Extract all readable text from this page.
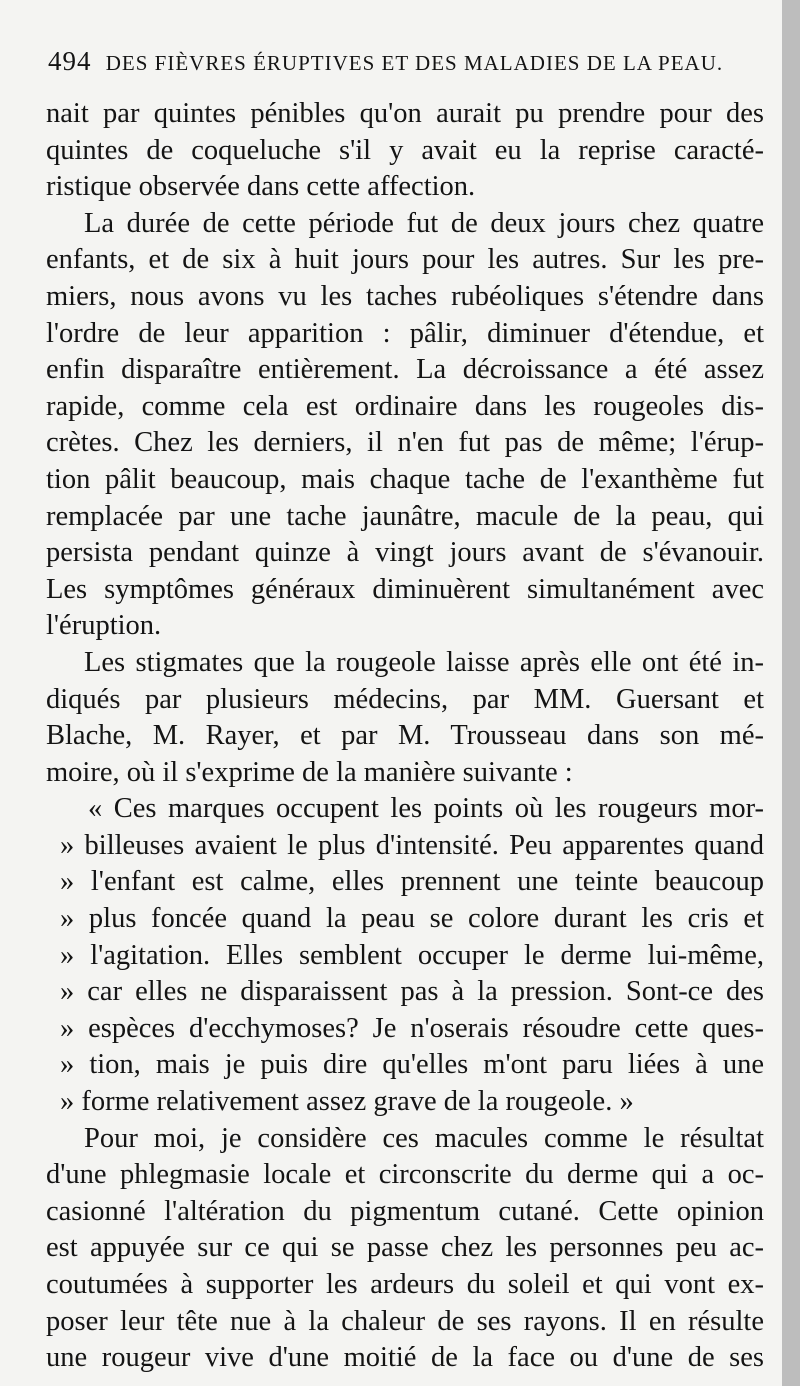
494 DES FIÈVRES ÉRUPTIVES ET DES MALADIES DE LA PEAU.
nait par quintes pénibles qu'on aurait pu prendre pour des
quintes de coqueluche s'il y avait eu la reprise caracté-
ristique observée dans cette affection.
La durée de cette période fut de deux jours chez quatre
enfants, et de six à huit jours pour les autres. Sur les pre-
miers, nous avons vu les taches rubéoliques s'étendre dans
l'ordre de leur apparition : pâlir, diminuer d'étendue, et
enfin disparaître entièrement. La décroissance a été assez
rapide, comme cela est ordinaire dans les rougeoles dis-
crètes. Chez les derniers, il n'en fut pas de même; l'érup-
tion pâlit beaucoup, mais chaque tache de l'exanthème fut
remplacée par une tache jaunâtre, macule de la peau, qui
persista pendant quinze à vingt jours avant de s'évanouir.
Les symptômes généraux diminuèrent simultanément avec
l'éruption.
Les stigmates que la rougeole laisse après elle ont été in-
diqués par plusieurs médecins, par MM. Guersant et
Blache, M. Rayer, et par M. Trousseau dans son mé-
moire, où il s'exprime de la manière suivante :
« Ces marques occupent les points où les rougeurs mor-
» billeuses avaient le plus d'intensité. Peu apparentes quand
» l'enfant est calme, elles prennent une teinte beaucoup
» plus foncée quand la peau se colore durant les cris et
» l'agitation. Elles semblent occuper le derme lui-même,
» car elles ne disparaissent pas à la pression. Sont-ce des
» espèces d'ecchymoses? Je n'oserais résoudre cette ques-
» tion, mais je puis dire qu'elles m'ont paru liées à une
» forme relativement assez grave de la rougeole. »
Pour moi, je considère ces macules comme le résultat
d'une phlegmasie locale et circonscrite du derme qui a oc-
casionné l'altération du pigmentum cutané. Cette opinion
est appuyée sur ce qui se passe chez les personnes peu ac-
coutumées à supporter les ardeurs du soleil et qui vont ex-
poser leur tête nue à la chaleur de ses rayons. Il en résulte
une rougeur vive d'une moitié de la face ou d'une de ses
